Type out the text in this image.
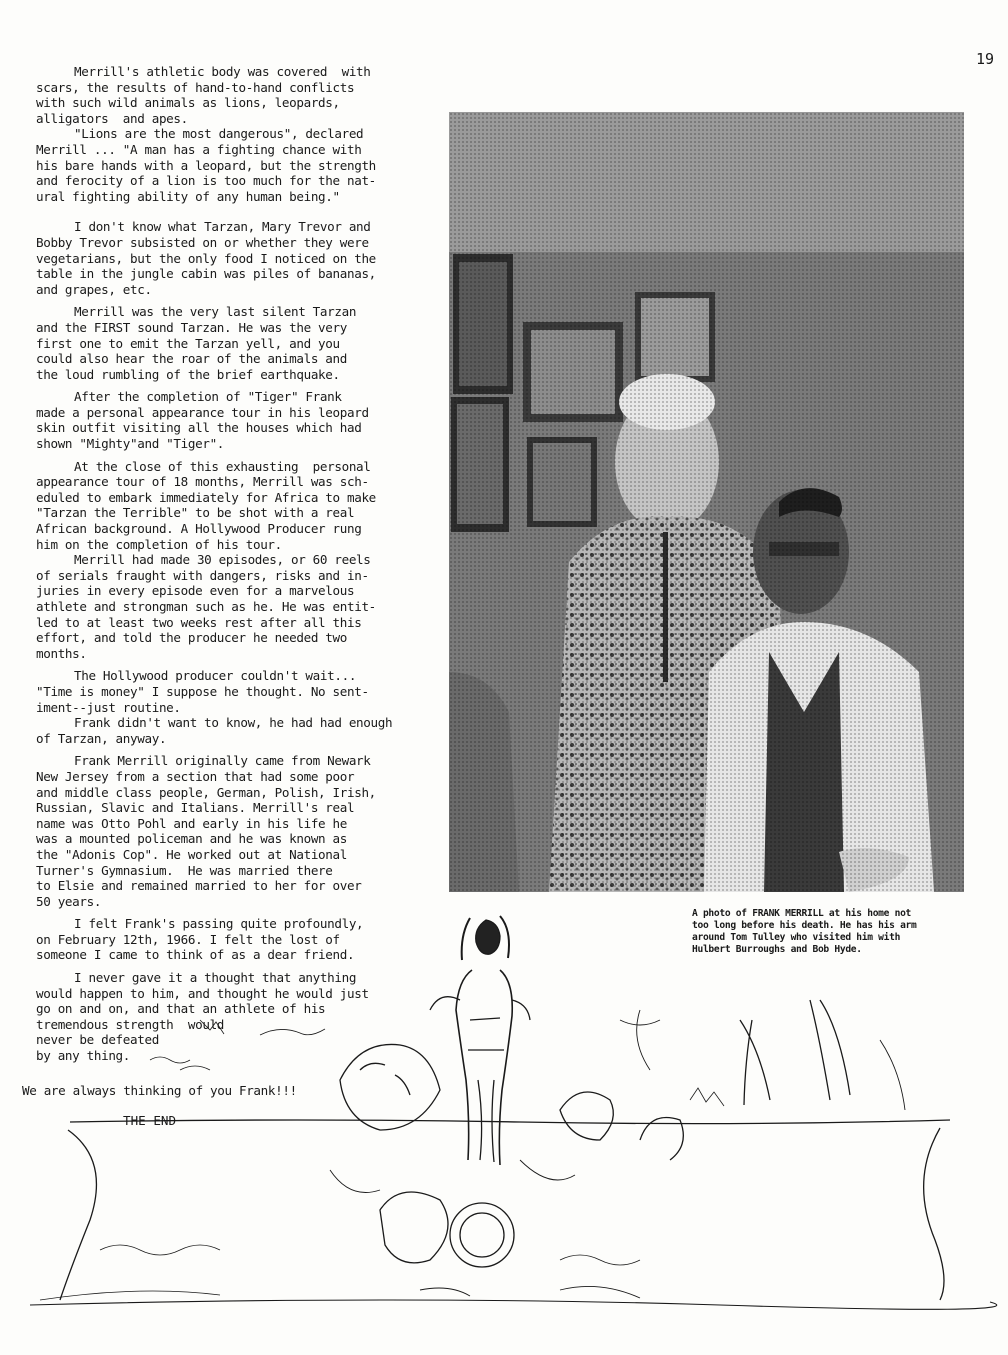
19

Merrill's athletic body was covered  with
scars, the results of hand-to-hand conflicts
with such wild animals as lions, leopards,
alligators  and apes.

"Lions are the most dangerous", declared
Merrill ... "A man has a fighting chance with
his bare hands with a leopard, but the strength
and ferocity of a lion is too much for the nat-
ural fighting ability of any human being."

I don't know what Tarzan, Mary Trevor and
Bobby Trevor subsisted on or whether they were
vegetarians, but the only food I noticed on the
table in the jungle cabin was piles of bananas,
and grapes, etc.

Merrill was the very last silent Tarzan
and the FIRST sound Tarzan. He was the very
first one to emit the Tarzan yell, and you
could also hear the roar of the animals and
the loud rumbling of the brief earthquake.

After the completion of "Tiger" Frank
made a personal appearance tour in his leopard
skin outfit visiting all the houses which had
shown "Mighty"and "Tiger".

At the close of this exhausting  personal
appearance tour of 18 months, Merrill was sch-
eduled to embark immediately for Africa to make
"Tarzan the Terrible" to be shot with a real
African background. A Hollywood Producer rung
him on the completion of his tour.

Merrill had made 30 episodes, or 60 reels
of serials fraught with dangers, risks and in-
juries in every episode even for a marvelous
athlete and strongman such as he. He was entit-
led to at least two weeks rest after all this
effort, and told the producer he needed two
months.

The Hollywood producer couldn't wait...
"Time is money" I suppose he thought. No sent-
iment--just routine.

Frank didn't want to know, he had had enough
of Tarzan, anyway.

Frank Merrill originally came from Newark
New Jersey from a section that had some poor
and middle class people, German, Polish, Irish,
Russian, Slavic and Italians. Merrill's real
name was Otto Pohl and early in his life he
was a mounted policeman and he was known as
the "Adonis Cop". He worked out at National
Turner's Gymnasium.  He was married there
to Elsie and remained married to her for over
50 years.

I felt Frank's passing quite profoundly,
on February 12th, 1966. I felt the lost of
someone I came to think of as a dear friend.

I never gave it a thought that anything
would happen to him, and thought he would just
go on and on, and that an athlete of his
tremendous strength  would
never be defeated
by any thing.

We are always thinking of you Frank!!!
THE END
A photo of FRANK MERRILL at his home not
too long before his death. He has his arm
around Tom Tulley who visited him with
Hulbert Burroughs and Bob Hyde.
